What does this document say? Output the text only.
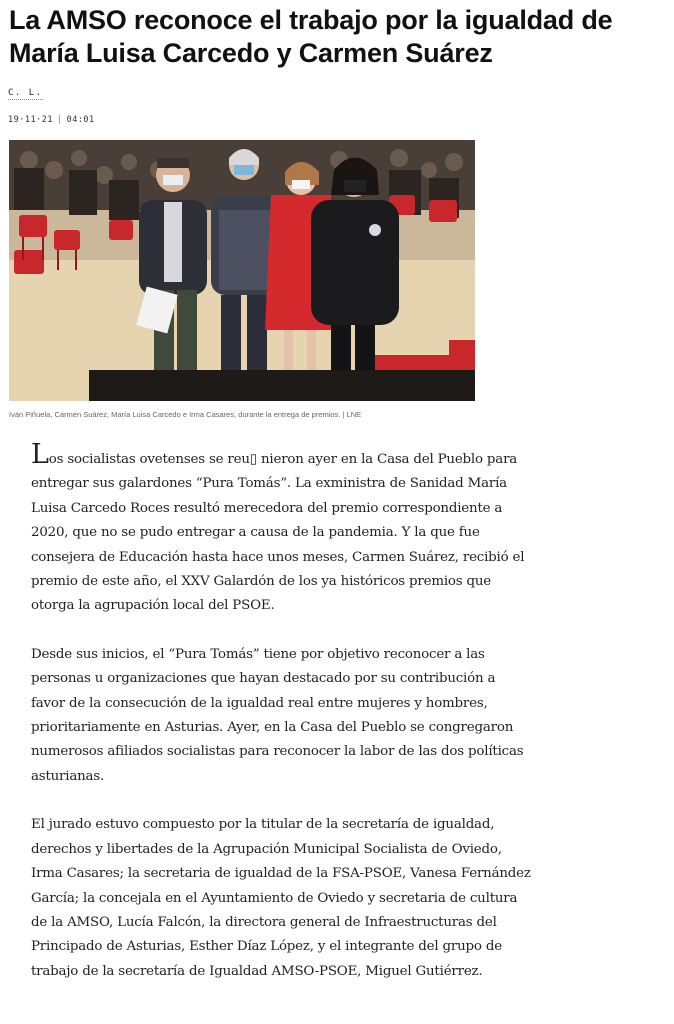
La AMSO reconoce el trabajo por la igualdad de María Luisa Carcedo y Carmen Suárez
C. L.
19·11·21 | 04:01
Iván Piñuela, Carmen Suárez, María Luisa Carcedo e Irma Casares, durante la entrega de premios. | LNE

Los socialistas ovetenses se reu▯ nieron ayer en la Casa del Pueblo para entregar sus galardones “Pura Tomás”. La exministra de Sanidad María Luisa Carcedo Roces resultó merecedora del premio correspondiente a 2020, que no se pudo entregar a causa de la pandemia. Y la que fue consejera de Educación hasta hace unos meses, Carmen Suárez, recibió el premio de este año, el XXV Galardón de los ya históricos premios que otorga la agrupación local del PSOE.

Desde sus inicios, el “Pura Tomás” tiene por objetivo reconocer a las personas u organizaciones que hayan destacado por su contribución a favor de la consecución de la igualdad real entre mujeres y hombres, prioritariamente en Asturias. Ayer, en la Casa del Pueblo se congregaron numerosos afiliados socialistas para reconocer la labor de las dos políticas asturianas.

El jurado estuvo compuesto por la titular de la secretaría de igualdad, derechos y libertades de la Agrupación Municipal Socialista de Oviedo, Irma Casares; la secretaria de igualdad de la FSA-PSOE, Vanesa Fernández García; la concejala en el Ayuntamiento de Oviedo y secretaria de cultura de la AMSO, Lucía Falcón, la directora general de Infraestructuras del Principado de Asturias, Esther Díaz López, y el integrante del grupo de trabajo de la secretaría de Igualdad AMSO-PSOE, Miguel Gutiérrez.
